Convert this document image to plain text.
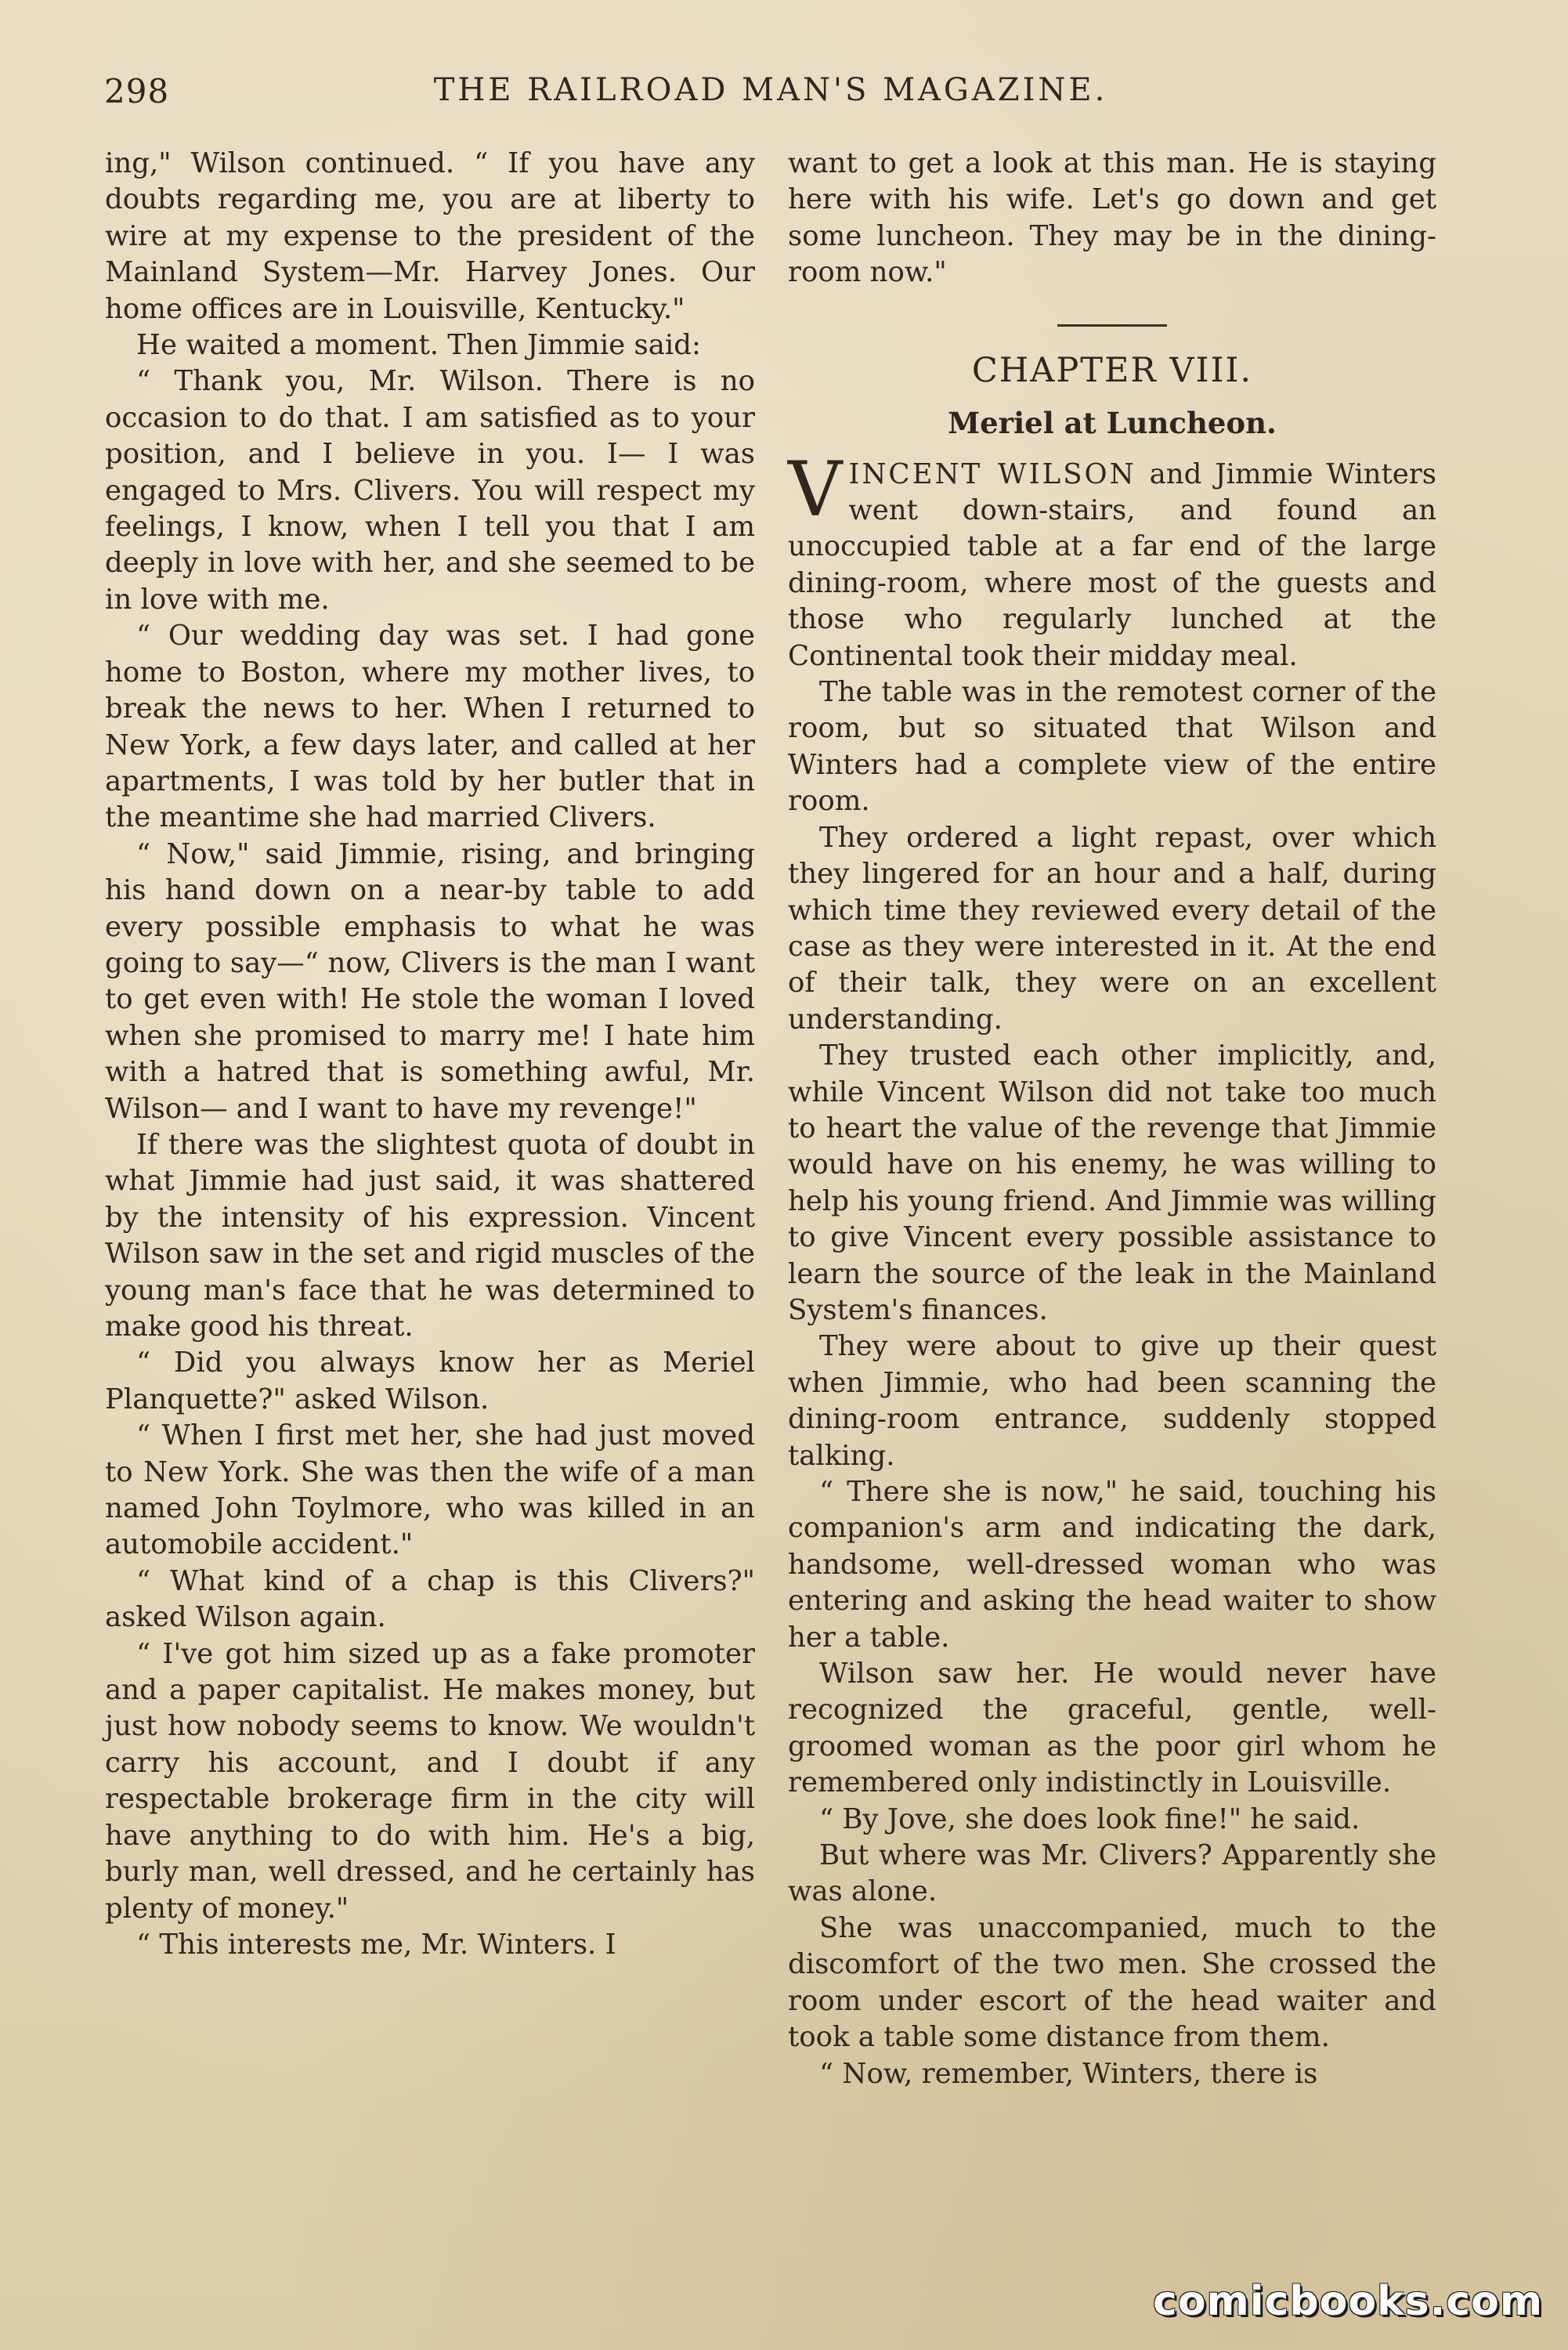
298	THE RAILROAD MAN'S MAGAZINE.

ing," Wilson continued. “ If you have any doubts regarding me, you are at liberty to wire at my expense to the president of the Mainland System—Mr. Harvey Jones. Our home offices are in Louisville, Kentucky."

He waited a moment. Then Jimmie said:

“ Thank you, Mr. Wilson. There is no occasion to do that. I am satisfied as to your position, and I believe in you. I— I was engaged to Mrs. Clivers. You will respect my feelings, I know, when I tell you that I am deeply in love with her, and she seemed to be in love with me.

“ Our wedding day was set. I had gone home to Boston, where my mother lives, to break the news to her. When I returned to New York, a few days later, and called at her apartments, I was told by her butler that in the meantime she had married Clivers.

“ Now," said Jimmie, rising, and bringing his hand down on a near-by table to add every possible emphasis to what he was going to say—“ now, Clivers is the man I want to get even with! He stole the woman I loved when she promised to marry me! I hate him with a hatred that is something awful, Mr. Wilson— and I want to have my revenge!"

If there was the slightest quota of doubt in what Jimmie had just said, it was shattered by the intensity of his expression. Vincent Wilson saw in the set and rigid muscles of the young man's face that he was determined to make good his threat.

“ Did you always know her as Meriel Planquette?" asked Wilson.

“ When I first met her, she had just moved to New York. She was then the wife of a man named John Toylmore, who was killed in an automobile accident."

“ What kind of a chap is this Clivers?" asked Wilson again.

“ I've got him sized up as a fake promoter and a paper capitalist. He makes money, but just how nobody seems to know. We wouldn't carry his account, and I doubt if any respectable brokerage firm in the city will have anything to do with him. He's a big, burly man, well dressed, and he certainly has plenty of money."

“ This interests me, Mr. Winters. I

want to get a look at this man. He is staying here with his wife. Let's go down and get some luncheon. They may be in the dining-room now."

CHAPTER VIII.
Meriel at Luncheon.

VINCENT WILSON and Jimmie Winters went down-stairs, and found an unoccupied table at a far end of the large dining-room, where most of the guests and those who regularly lunched at the Continental took their midday meal.

The table was in the remotest corner of the room, but so situated that Wilson and Winters had a complete view of the entire room.

They ordered a light repast, over which they lingered for an hour and a half, during which time they reviewed every detail of the case as they were interested in it. At the end of their talk, they were on an excellent understanding.

They trusted each other implicitly, and, while Vincent Wilson did not take too much to heart the value of the revenge that Jimmie would have on his enemy, he was willing to help his young friend. And Jimmie was willing to give Vincent every possible assistance to learn the source of the leak in the Mainland System's finances.

They were about to give up their quest when Jimmie, who had been scanning the dining-room entrance, suddenly stopped talking.

“ There she is now," he said, touching his companion's arm and indicating the dark, handsome, well-dressed woman who was entering and asking the head waiter to show her a table.

Wilson saw her. He would never have recognized the graceful, gentle, well-groomed woman as the poor girl whom he remembered only indistinctly in Louisville.

“ By Jove, she does look fine!" he said.

But where was Mr. Clivers? Apparently she was alone.

She was unaccompanied, much to the discomfort of the two men. She crossed the room under escort of the head waiter and took a table some distance from them.

“ Now, remember, Winters, there is

comicbooks.com
